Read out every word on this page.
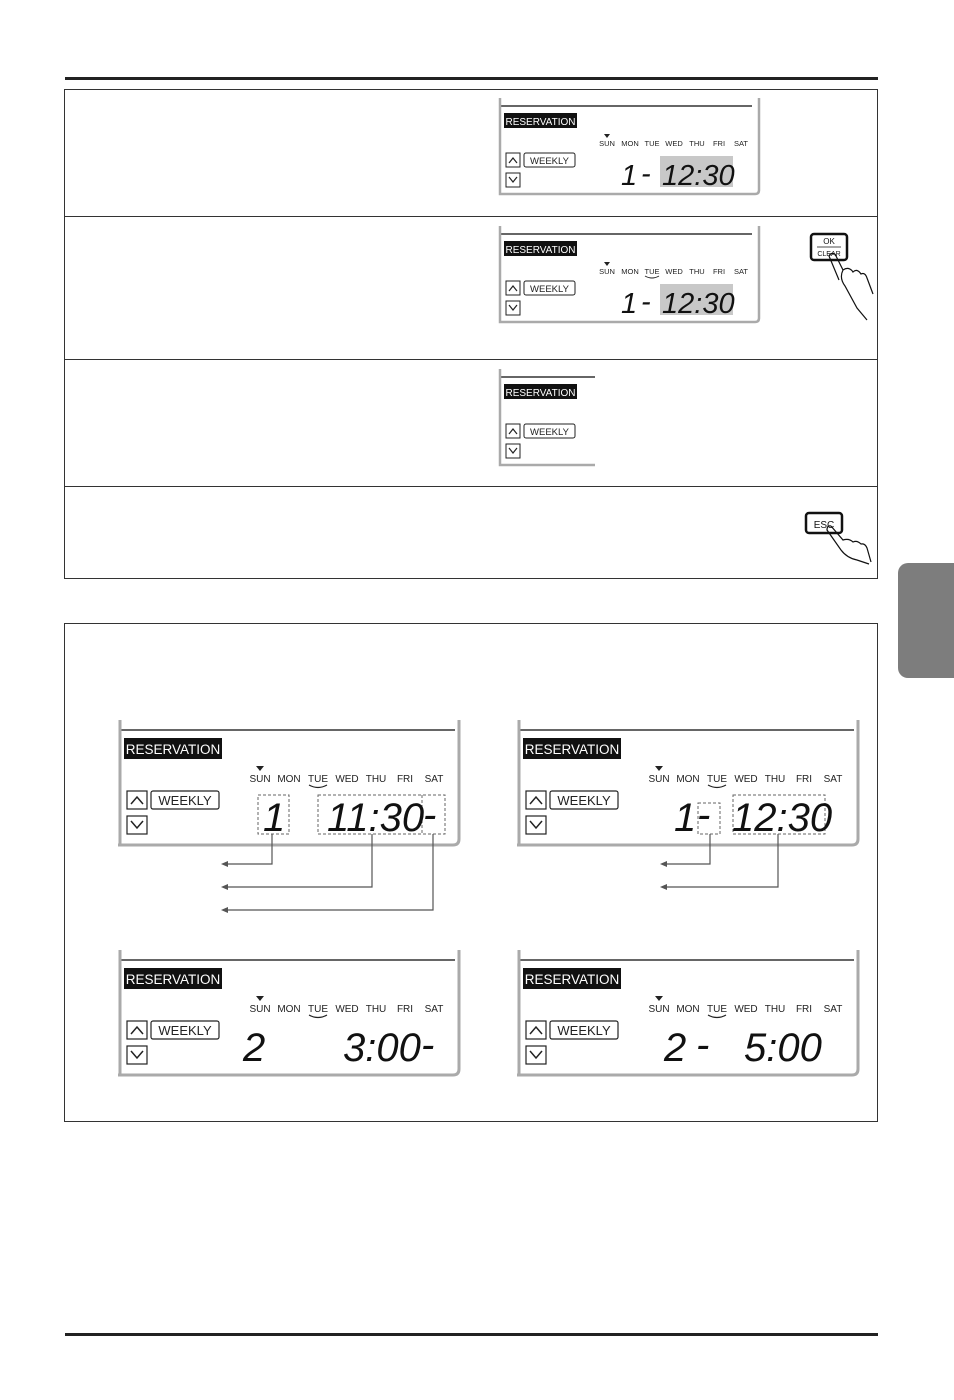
RESERVATION
SUN MON TUE WED THU FRI SAT
WEEKLY 1 - 12:30
RESERVATION
SUN MON TUE WED THU FRI SAT
WEEKLY 1 - 12:30
OK
CLEAR
RESERVATION
WEEKLY
ESC
RESERVATION
SUN MON TUE WED THU FRI SAT
WEEKLY 1 11:30
-
RESERVATION
SUN MON TUE WED THU FRI SAT
WEEKLY 1 - 12:30
RESERVATION
SUN MON TUE WED THU FRI SAT
WEEKLY 2 3:00 -
RESERVATION
SUN MON TUE WED THU FRI SAT
WEEKLY 2 - 5:00
